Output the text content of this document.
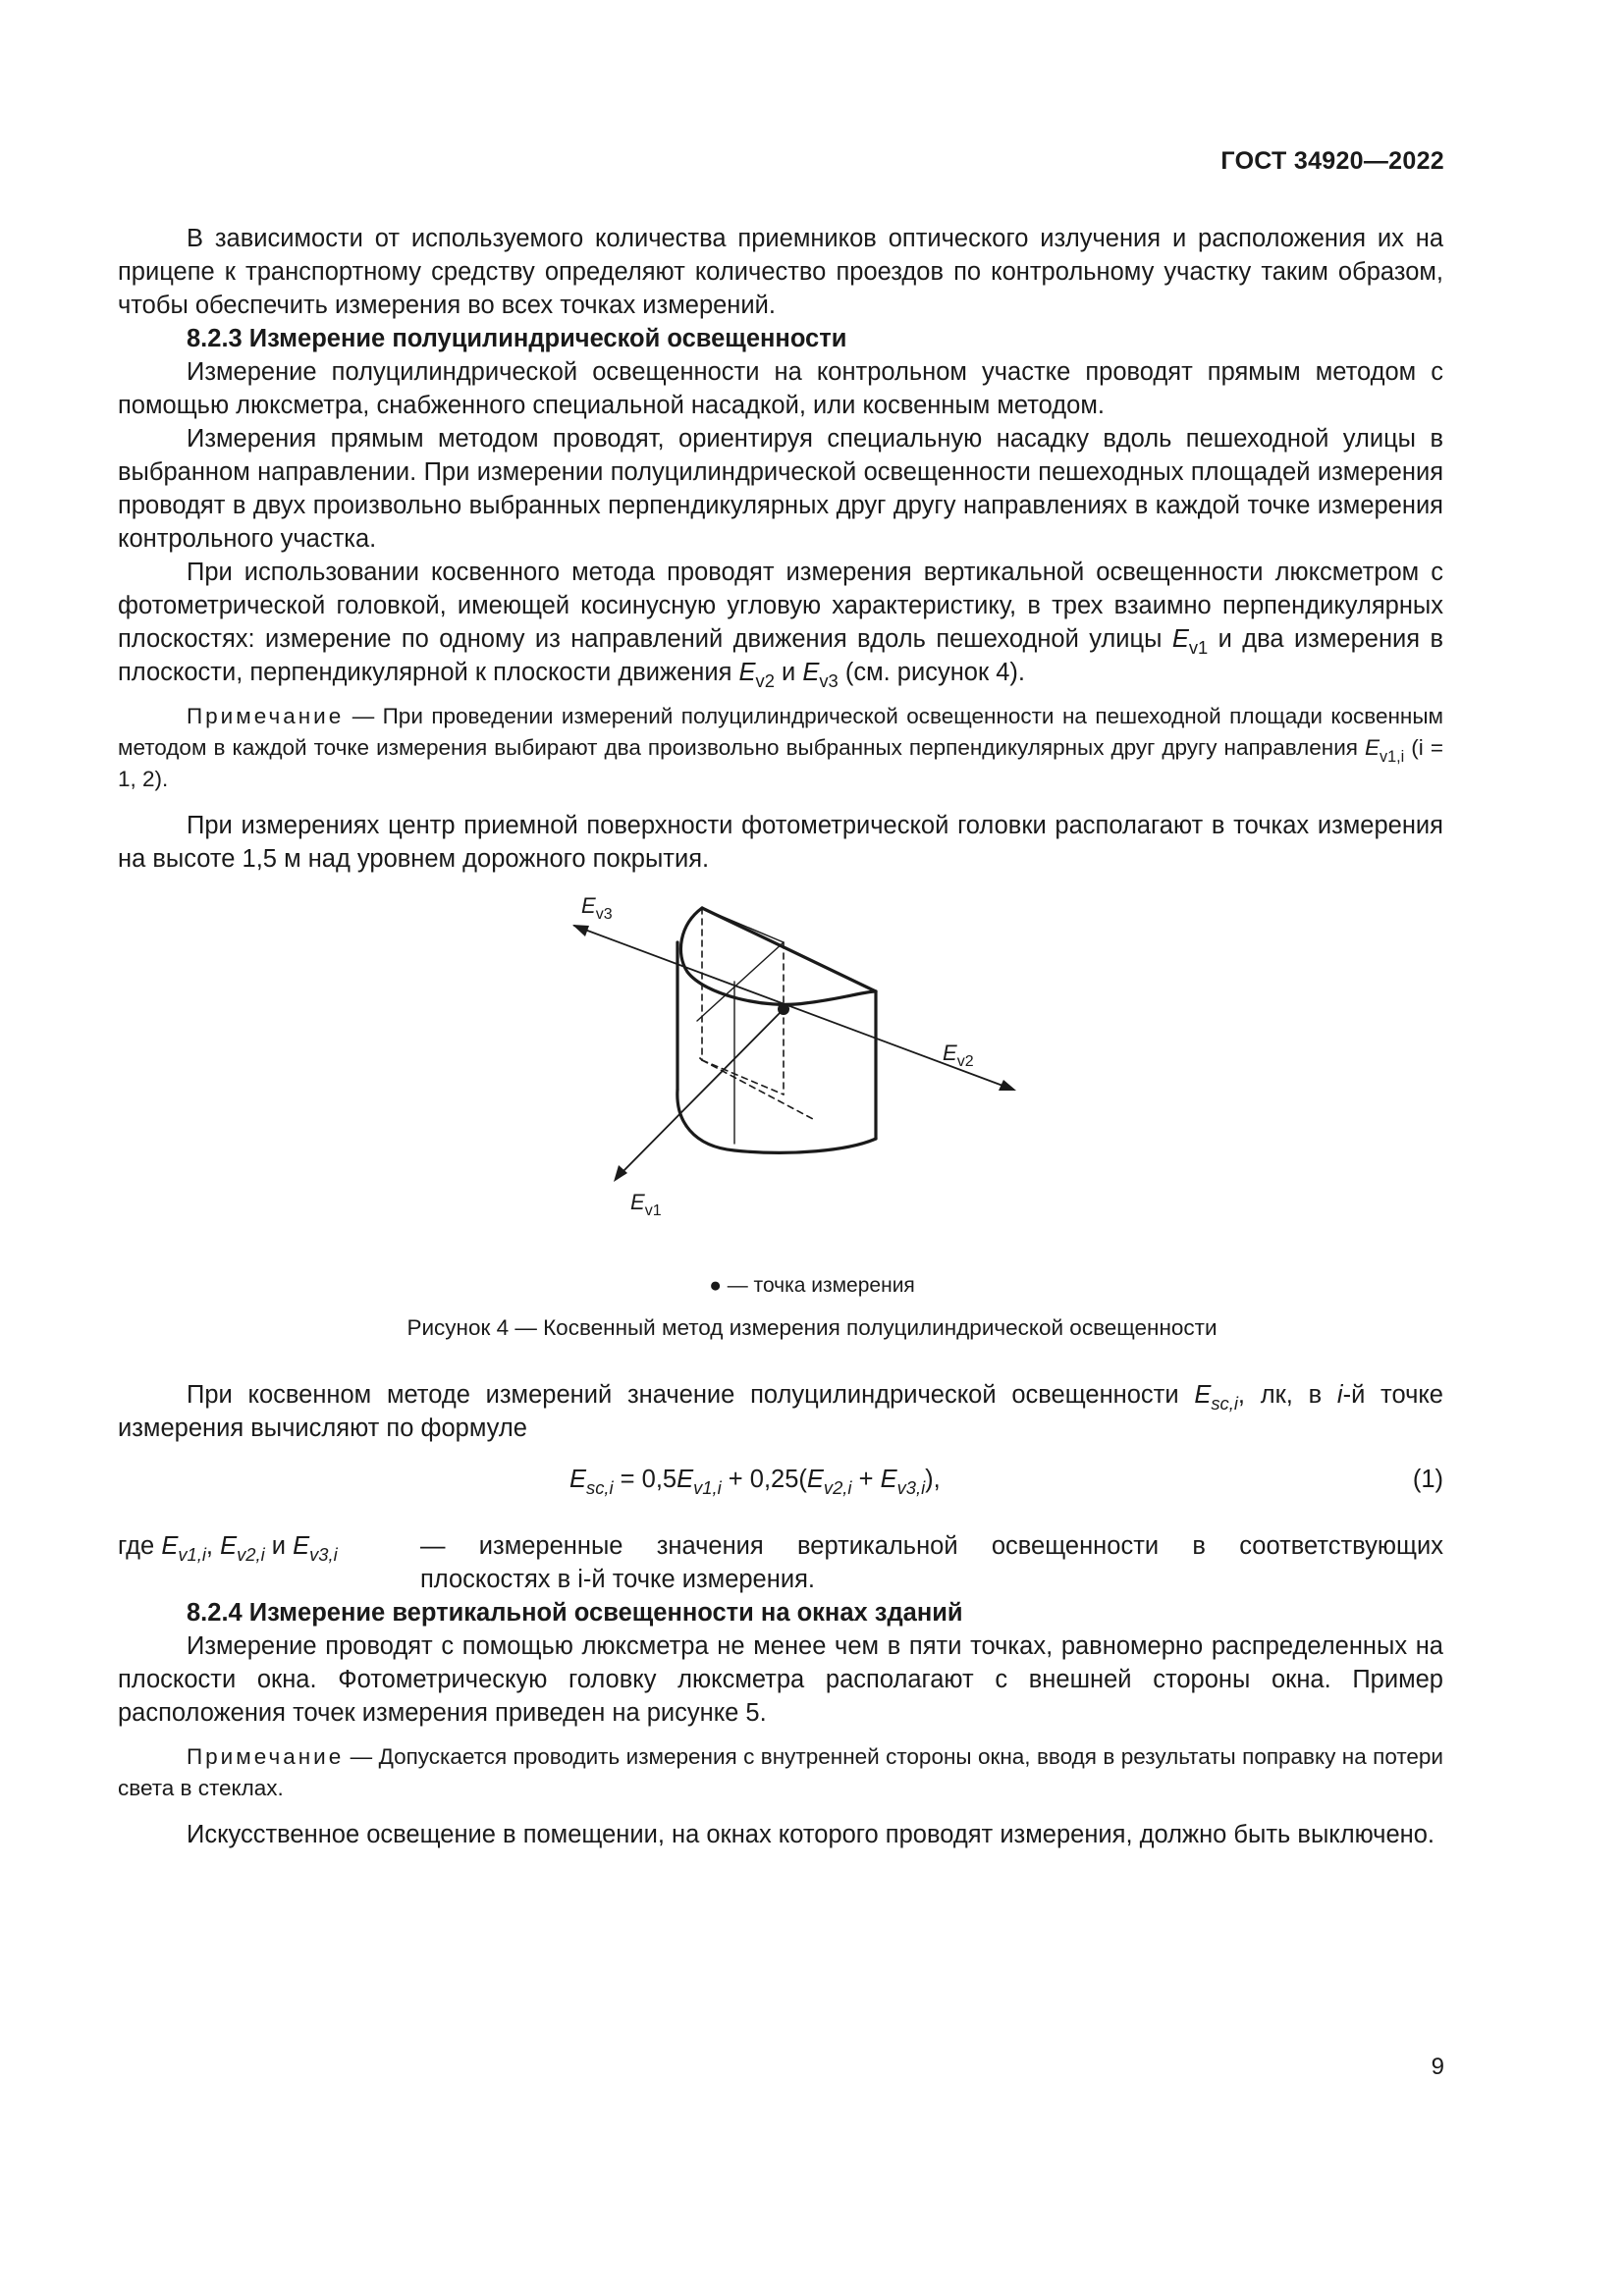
ГОСТ 34920—2022

В зависимости от используемого количества приемников оптического излучения и расположения их на прицепе к транспортному средству определяют количество проездов по контрольному участку таким образом, чтобы обеспечить измерения во всех точках измерений.

8.2.3 Измерение полуцилиндрической освещенности

Измерение полуцилиндрической освещенности на контрольном участке проводят прямым методом с помощью люксметра, снабженного специальной насадкой, или косвенным методом.

Измерения прямым методом проводят, ориентируя специальную насадку вдоль пешеходной улицы в выбранном направлении. При измерении полуцилиндрической освещенности пешеходных площадей измерения проводят в двух произвольно выбранных перпендикулярных друг другу направлениях в каждой точке измерения контрольного участка.

При использовании косвенного метода проводят измерения вертикальной освещенности люксметром с фотометрической головкой, имеющей косинусную угловую характеристику, в трех взаимно перпендикулярных плоскостях: измерение по одному из направлений движения вдоль пешеходной улицы $E_{v1}$ и два измерения в плоскости, перпендикулярной к плоскости движения $E_{v2}$ и $E_{v3}$ (см. рисунок 4).

Примечание — При проведении измерений полуцилиндрической освещенности на пешеходной площади косвенным методом в каждой точке измерения выбирают два произвольно выбранных перпендикулярных друг другу направления $E_{v1,i}$ (i = 1, 2).

При измерениях центр приемной поверхности фотометрической головки располагают в точках измерения на высоте 1,5 м над уровнем дорожного покрытия.

$E_{v3}$
$E_{v2}$
$E_{v1}$
● — точка измерения
Рисунок 4 — Косвенный метод измерения полуцилиндрической освещенности

При косвенном методе измерений значение полуцилиндрической освещенности $E_{sc,i}$, лк, в i-й точке измерения вычисляют по формуле

$E_{sc,i} = 0,5E_{v1,i} + 0,25(E_{v2,i} + E_{v3,i})$,	(1)
где $E_{v1,i}$, $E_{v2,i}$ и $E_{v3,i}$	— измеренные значения вертикальной освещенности в соответствующих
плоскостях в i-й точке измерения.

8.2.4 Измерение вертикальной освещенности на окнах зданий

Измерение проводят с помощью люксметра не менее чем в пяти точках, равномерно распределенных на плоскости окна. Фотометрическую головку люксметра располагают с внешней стороны окна. Пример расположения точек измерения приведен на рисунке 5.

Примечание — Допускается проводить измерения с внутренней стороны окна, вводя в результаты поправку на потери света в стеклах.

Искусственное освещение в помещении, на окнах которого проводят измерения, должно быть выключено.

9
